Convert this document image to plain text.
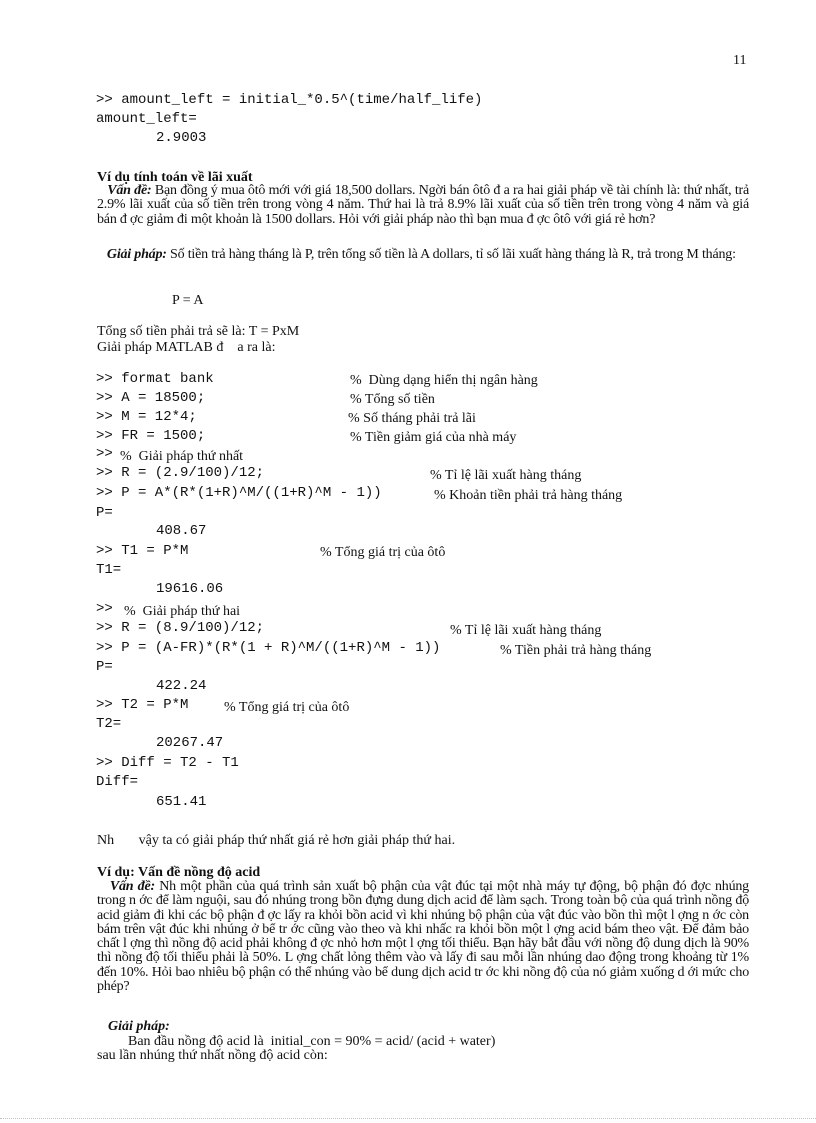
11
>> amount_left = initial_*0.5^(time/half_life)
amount_left=
2.9003
Ví dụ tính toán về lãi xuất
Vấn đề: Bạn đồng ý mua ôtô mới với giá 18,500 dollars. Ngời bán ôtô đ a ra hai giải pháp về tài chính là: thứ nhất, trả 2.9% lãi xuất của số tiền trên trong vòng 4 năm. Thứ hai là trả 8.9% lãi xuất của số tiền trên trong vòng 4 năm và giá bán đ ợc giảm đi một khoản là 1500 dollars. Hỏi với giải pháp nào thì bạn mua đ ợc ôtô với giá rẻ hơn?
Giải pháp: Số tiền trả hàng tháng là P, trên tổng số tiền là A dollars, tỉ số lãi xuất hàng tháng là R, trả trong M tháng:
P = A
Tổng số tiền phải trả sẽ là: T = PxM
Giải pháp MATLAB đ    a ra là:
>> format bank	%  Dùng dạng hiển thị ngân hàng
>> A = 18500;	% Tổng số tiền
>> M = 12*4;	% Số tháng phải trả lãi
>> FR = 1500;	% Tiền giảm giá của nhà máy
>> %  Giải pháp thứ nhất
>> R = (2.9/100)/12;	% Tỉ lệ lãi xuất hàng tháng
>> P = A*(R*(1+R)^M/((1+R)^M - 1))	% Khoản tiền phải trả hàng tháng
P=
408.67
>> T1 = P*M	% Tổng giá trị của ôtô
T1=
19616.06
>> %  Giải pháp thứ hai
>> R = (8.9/100)/12;	% Tỉ lệ lãi xuất hàng tháng
>> P = (A-FR)*(R*(1 + R)^M/((1+R)^M - 1))	% Tiền phải trả hàng tháng
P=
422.24
>> T2 = P*M	% Tổng giá trị của ôtô
T2=
20267.47
>> Diff = T2 - T1
Diff=
651.41
Nh       vậy ta có giải pháp thứ nhất giá rẻ hơn giải pháp thứ hai.
Ví dụ: Vấn đề nồng độ acid
Vấn đề: Nh một phần của quá trình sản xuất bộ phận của vật đúc tại một nhà máy tự động, bộ phận đó đợc nhúng trong n ớc để làm nguội, sau đó nhúng trong bồn đựng dung dịch acid để làm sạch. Trong toàn bộ của quá trình nồng độ acid giảm đi khi các bộ phận đ ợc lấy ra khỏi bồn acid vì khi nhúng bộ phận của vật đúc vào bồn thì một l ợng n ớc còn bám trên vật đúc khi nhúng ở bể tr ớc cũng vào theo và khi nhấc ra khỏi bồn một l ợng acid bám theo vật. Để đảm bảo chất l ợng thì nồng độ acid phải không đ ợc nhỏ hơn một l ợng tối thiểu. Bạn hãy bắt đầu với nồng độ dung dịch là 90% thì nồng độ tối thiểu phải là 50%. L ợng chất lỏng thêm vào và lấy đi sau mỗi lần nhúng dao động trong khoảng từ 1% đến 10%. Hỏi bao nhiêu bộ phận có thể nhúng vào bể dung dịch acid tr ớc khi nồng độ của nó giảm xuống d ới mức cho phép?
Giải pháp:
Ban đầu nồng độ acid là  initial_con = 90% = acid/ (acid + water)
sau lần nhúng thứ nhất nồng độ acid còn:
